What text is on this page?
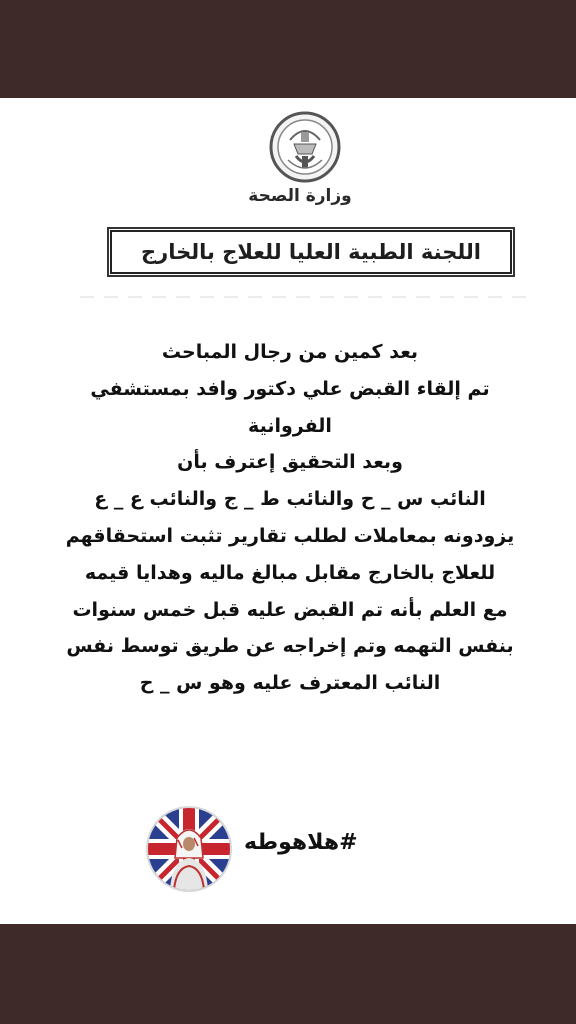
وزارة الصحة
اللجنة الطبية العليا للعلاج بالخارج
بعد كمين من رجال المباحث
تم إلقاء القبض علي دكتور وافد بمستشفي
الفروانية
وبعد التحقيق إعترف بأن
النائب س _ ح والنائب ط _ ج والنائب ع _ ع
يزودونه بمعاملات لطلب تقارير تثبت استحقاقهم
للعلاج بالخارج مقابل مبالغ ماليه وهدايا قيمه
مع العلم بأنه تم القبض عليه قبل خمس سنوات
بنفس التهمه وتم إخراجه عن طريق توسط نفس
النائب المعترف عليه وهو س _ ح
#هلاهوطه
